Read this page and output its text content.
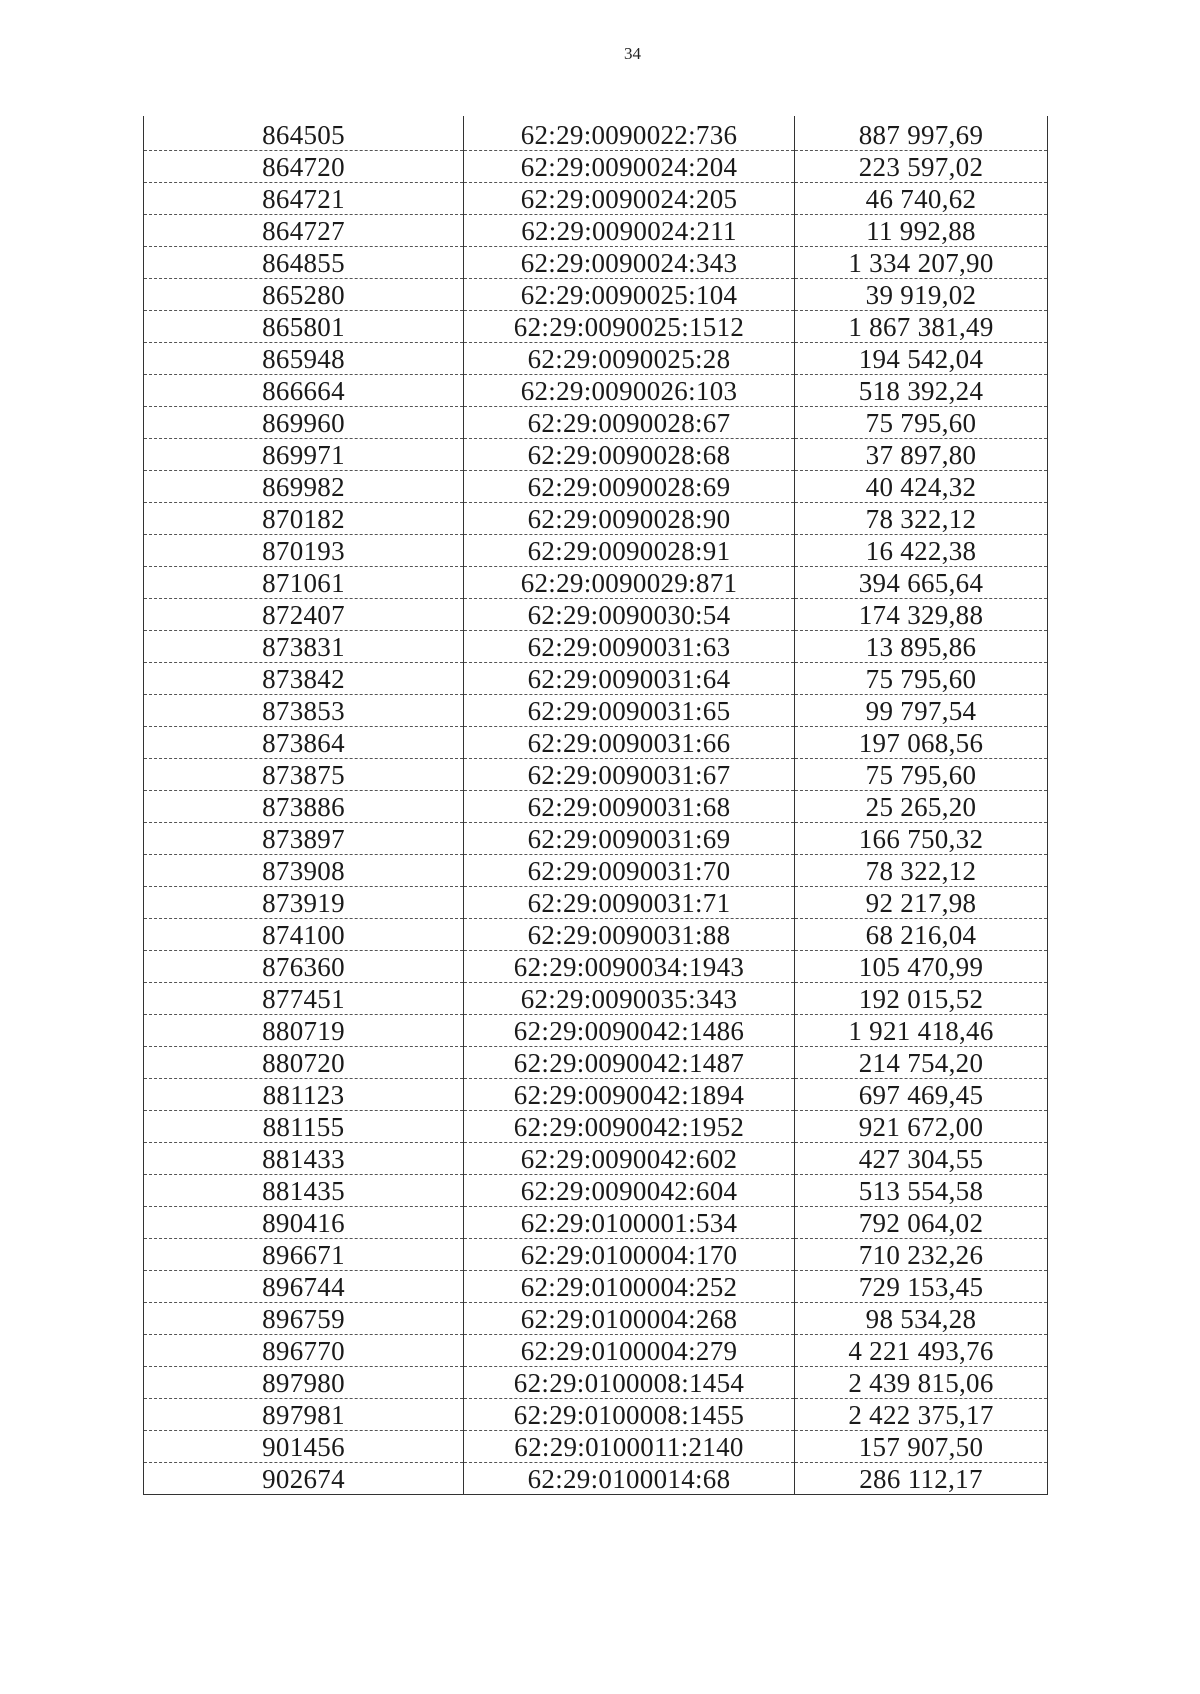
34
864505	62:29:0090022:736	887 997,69
864720	62:29:0090024:204	223 597,02
864721	62:29:0090024:205	46 740,62
864727	62:29:0090024:211	11 992,88
864855	62:29:0090024:343	1 334 207,90
865280	62:29:0090025:104	39 919,02
865801	62:29:0090025:1512	1 867 381,49
865948	62:29:0090025:28	194 542,04
866664	62:29:0090026:103	518 392,24
869960	62:29:0090028:67	75 795,60
869971	62:29:0090028:68	37 897,80
869982	62:29:0090028:69	40 424,32
870182	62:29:0090028:90	78 322,12
870193	62:29:0090028:91	16 422,38
871061	62:29:0090029:871	394 665,64
872407	62:29:0090030:54	174 329,88
873831	62:29:0090031:63	13 895,86
873842	62:29:0090031:64	75 795,60
873853	62:29:0090031:65	99 797,54
873864	62:29:0090031:66	197 068,56
873875	62:29:0090031:67	75 795,60
873886	62:29:0090031:68	25 265,20
873897	62:29:0090031:69	166 750,32
873908	62:29:0090031:70	78 322,12
873919	62:29:0090031:71	92 217,98
874100	62:29:0090031:88	68 216,04
876360	62:29:0090034:1943	105 470,99
877451	62:29:0090035:343	192 015,52
880719	62:29:0090042:1486	1 921 418,46
880720	62:29:0090042:1487	214 754,20
881123	62:29:0090042:1894	697 469,45
881155	62:29:0090042:1952	921 672,00
881433	62:29:0090042:602	427 304,55
881435	62:29:0090042:604	513 554,58
890416	62:29:0100001:534	792 064,02
896671	62:29:0100004:170	710 232,26
896744	62:29:0100004:252	729 153,45
896759	62:29:0100004:268	98 534,28
896770	62:29:0100004:279	4 221 493,76
897980	62:29:0100008:1454	2 439 815,06
897981	62:29:0100008:1455	2 422 375,17
901456	62:29:0100011:2140	157 907,50
902674	62:29:0100014:68	286 112,17
